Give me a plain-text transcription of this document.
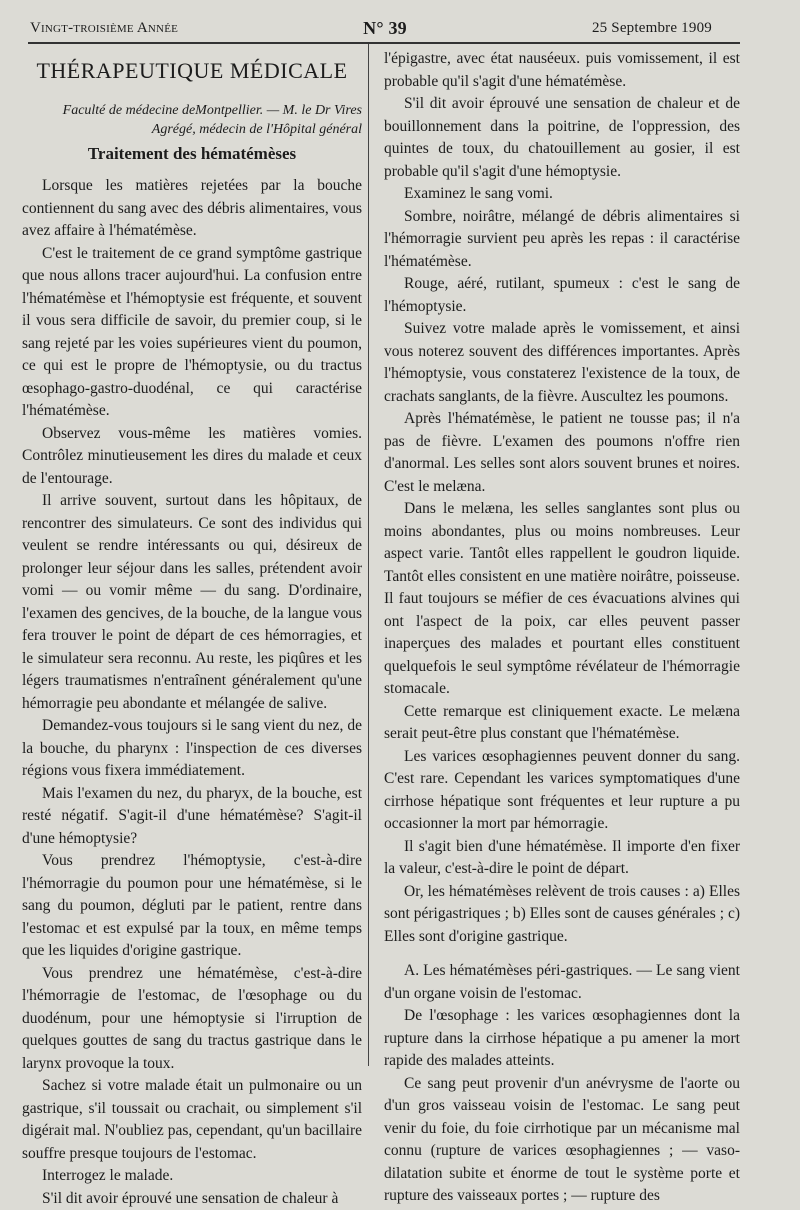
Vingt-troisième Année	N° 39	25 Septembre 1909
THÉRAPEUTIQUE MÉDICALE

Faculté de médecine deMontpellier. — M. le Dr Vires

Agrégé, médecin de l'Hôpital général

Traitement des hématémèses

Lorsque les matières rejetées par la bouche contiennent du sang avec des débris alimentaires, vous avez affaire à l'hématémèse.

C'est le traitement de ce grand symptôme gastrique que nous allons tracer aujourd'hui. La confusion entre l'hématémèse et l'hémoptysie est fréquente, et souvent il vous sera difficile de savoir, du premier coup, si le sang rejeté par les voies supérieures vient du poumon, ce qui est le propre de l'hémoptysie, ou du tractus œsophago-gastro-duodénal, ce qui caractérise l'hématémèse.

Observez vous-même les matières vomies. Contrôlez minutieusement les dires du malade et ceux de l'entourage.

Il arrive souvent, surtout dans les hôpitaux, de rencontrer des simulateurs. Ce sont des individus qui veulent se rendre intéressants ou qui, désireux de prolonger leur séjour dans les salles, prétendent avoir vomi — ou vomir même — du sang. D'ordinaire, l'examen des gencives, de la bouche, de la langue vous fera trouver le point de départ de ces hémorragies, et le simulateur sera reconnu. Au reste, les piqûres et les légers traumatismes n'entraînent généralement qu'une hémorragie peu abondante et mélangée de salive.

Demandez-vous toujours si le sang vient du nez, de la bouche, du pharynx : l'inspection de ces diverses régions vous fixera immédiatement.

Mais l'examen du nez, du pharyx, de la bouche, est resté négatif. S'agit-il d'une hématémèse? S'agit-il d'une hémoptysie?

Vous prendrez l'hémoptysie, c'est-à-dire l'hémorragie du poumon pour une hématémèse, si le sang du poumon, dégluti par le patient, rentre dans l'estomac et est expulsé par la toux, en même temps que les liquides d'origine gastrique.

Vous prendrez une hématémèse, c'est-à-dire l'hémorragie de l'estomac, de l'œsophage ou du duodénum, pour une hémoptysie si l'irruption de quelques gouttes de sang du tractus gastrique dans le larynx provoque la toux.

Sachez si votre malade était un pulmonaire ou un gastrique, s'il toussait ou crachait, ou simplement s'il digérait mal. N'oubliez pas, cependant, qu'un bacillaire souffre presque toujours de l'estomac.

Interrogez le malade.

S'il dit avoir éprouvé une sensation de chaleur à

l'épigastre, avec état nauséeux. puis vomissement, il est probable qu'il s'agit d'une hématémèse.

S'il dit avoir éprouvé une sensation de chaleur et de bouillonnement dans la poitrine, de l'oppression, des quintes de toux, du chatouillement au gosier, il est probable qu'il s'agit d'une hémoptysie.

Examinez le sang vomi.

Sombre, noirâtre, mélangé de débris alimentaires si l'hémorragie survient peu après les repas : il caractérise l'hématémèse.

Rouge, aéré, rutilant, spumeux : c'est le sang de l'hémoptysie.

Suivez votre malade après le vomissement, et ainsi vous noterez souvent des différences importantes. Après l'hémoptysie, vous constaterez l'existence de la toux, de crachats sanglants, de la fièvre. Auscultez les poumons.

Après l'hématémèse, le patient ne tousse pas; il n'a pas de fièvre. L'examen des poumons n'offre rien d'anormal. Les selles sont alors souvent brunes et noires. C'est le melæna.

Dans le melæna, les selles sanglantes sont plus ou moins abondantes, plus ou moins nombreuses. Leur aspect varie. Tantôt elles rappellent le goudron liquide. Tantôt elles consistent en une matière noirâtre, poisseuse. Il faut toujours se méfier de ces évacuations alvines qui ont l'aspect de la poix, car elles peuvent passer inaperçues des malades et pourtant elles constituent quelquefois le seul symptôme révélateur de l'hémorragie stomacale.

Cette remarque est cliniquement exacte. Le melæna serait peut-être plus constant que l'hématémèse.

Les varices œsophagiennes peuvent donner du sang. C'est rare. Cependant les varices symptomatiques d'une cirrhose hépatique sont fréquentes et leur rupture a pu occasionner la mort par hémorragie.

Il s'agit bien d'une hématémèse. Il importe d'en fixer la valeur, c'est-à-dire le point de départ.

Or, les hématémèses relèvent de trois causes : a) Elles sont périgastriques ; b) Elles sont de causes générales ; c) Elles sont d'origine gastrique.

A. Les hématémèses péri-gastriques. — Le sang vient d'un organe voisin de l'estomac.

De l'œsophage : les varices œsophagiennes dont la rupture dans la cirrhose hépatique a pu amener la mort rapide des malades atteints.

Ce sang peut provenir d'un anévrysme de l'aorte ou d'un gros vaisseau voisin de l'estomac. Le sang peut venir du foie, du foie cirrhotique par un mécanisme mal connu (rupture de varices œsophagiennes ; — vaso-dilatation subite et énorme de tout le système porte et rupture des vaisseaux portes ; — rupture des
